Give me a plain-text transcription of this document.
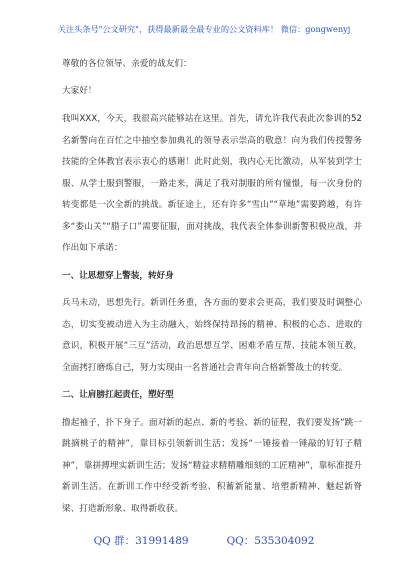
关注头条号"公文研究"，获得最新最全最专业的公文资料库！ 微信：gongwenyj

尊敬的各位领导、亲爱的战友们：

大家好！

我叫XXX，今天，我很高兴能够站在这里。首先，请允许我代表此次参训的52名新警向在百忙之中抽空参加典礼的领导表示崇高的敬意！向为我们传授警务技能的全体教官表示衷心的感谢！此时此刻，我内心无比激动，从军装到学士服、从学士服到警服，一路走来，满足了我对制服的所有憧憬，每一次身份的转变都是一次全新的挑战。新征途上，还有许多“雪山”“草地”需要跨越，有许多“娄山关”“腊子口”需要征服，面对挑战，我代表全体参训新警积极应战，并作出如下承诺：

一、让思想穿上警装，转好身

兵马未动，思想先行。新训任务重，各方面的要求会更高，我们要及时调整心态，切实变被动进入为主动融入，始终保持昂扬的精神、积极的心态、进取的意识，积极开展“三互”活动，政治思想互学、困难矛盾互帮、技能本领互教，全面拷打磨炼自己，努力实现由一名普通社会青年向合格新警战士的转变。

二、让肩膀扛起责任，塑好型

撸起袖子，扑下身子。面对新的起点、新的考验、新的征程，我们要发扬“跳一跳摘桃子的精神”，靠目标引领新训生活；发扬“一锤接着一锤敲的钉钉子精神”，靠拼搏埋实新训生活；发扬“精益求精精雕细刻的工匠精神”，靠标准提升新训生活。在新训工作中经受新考验、积蓄新能量、培塑新精神、魅起新脊梁、打造新形象、取得新收获。

QQ 群：31991489	QQ：535304092
